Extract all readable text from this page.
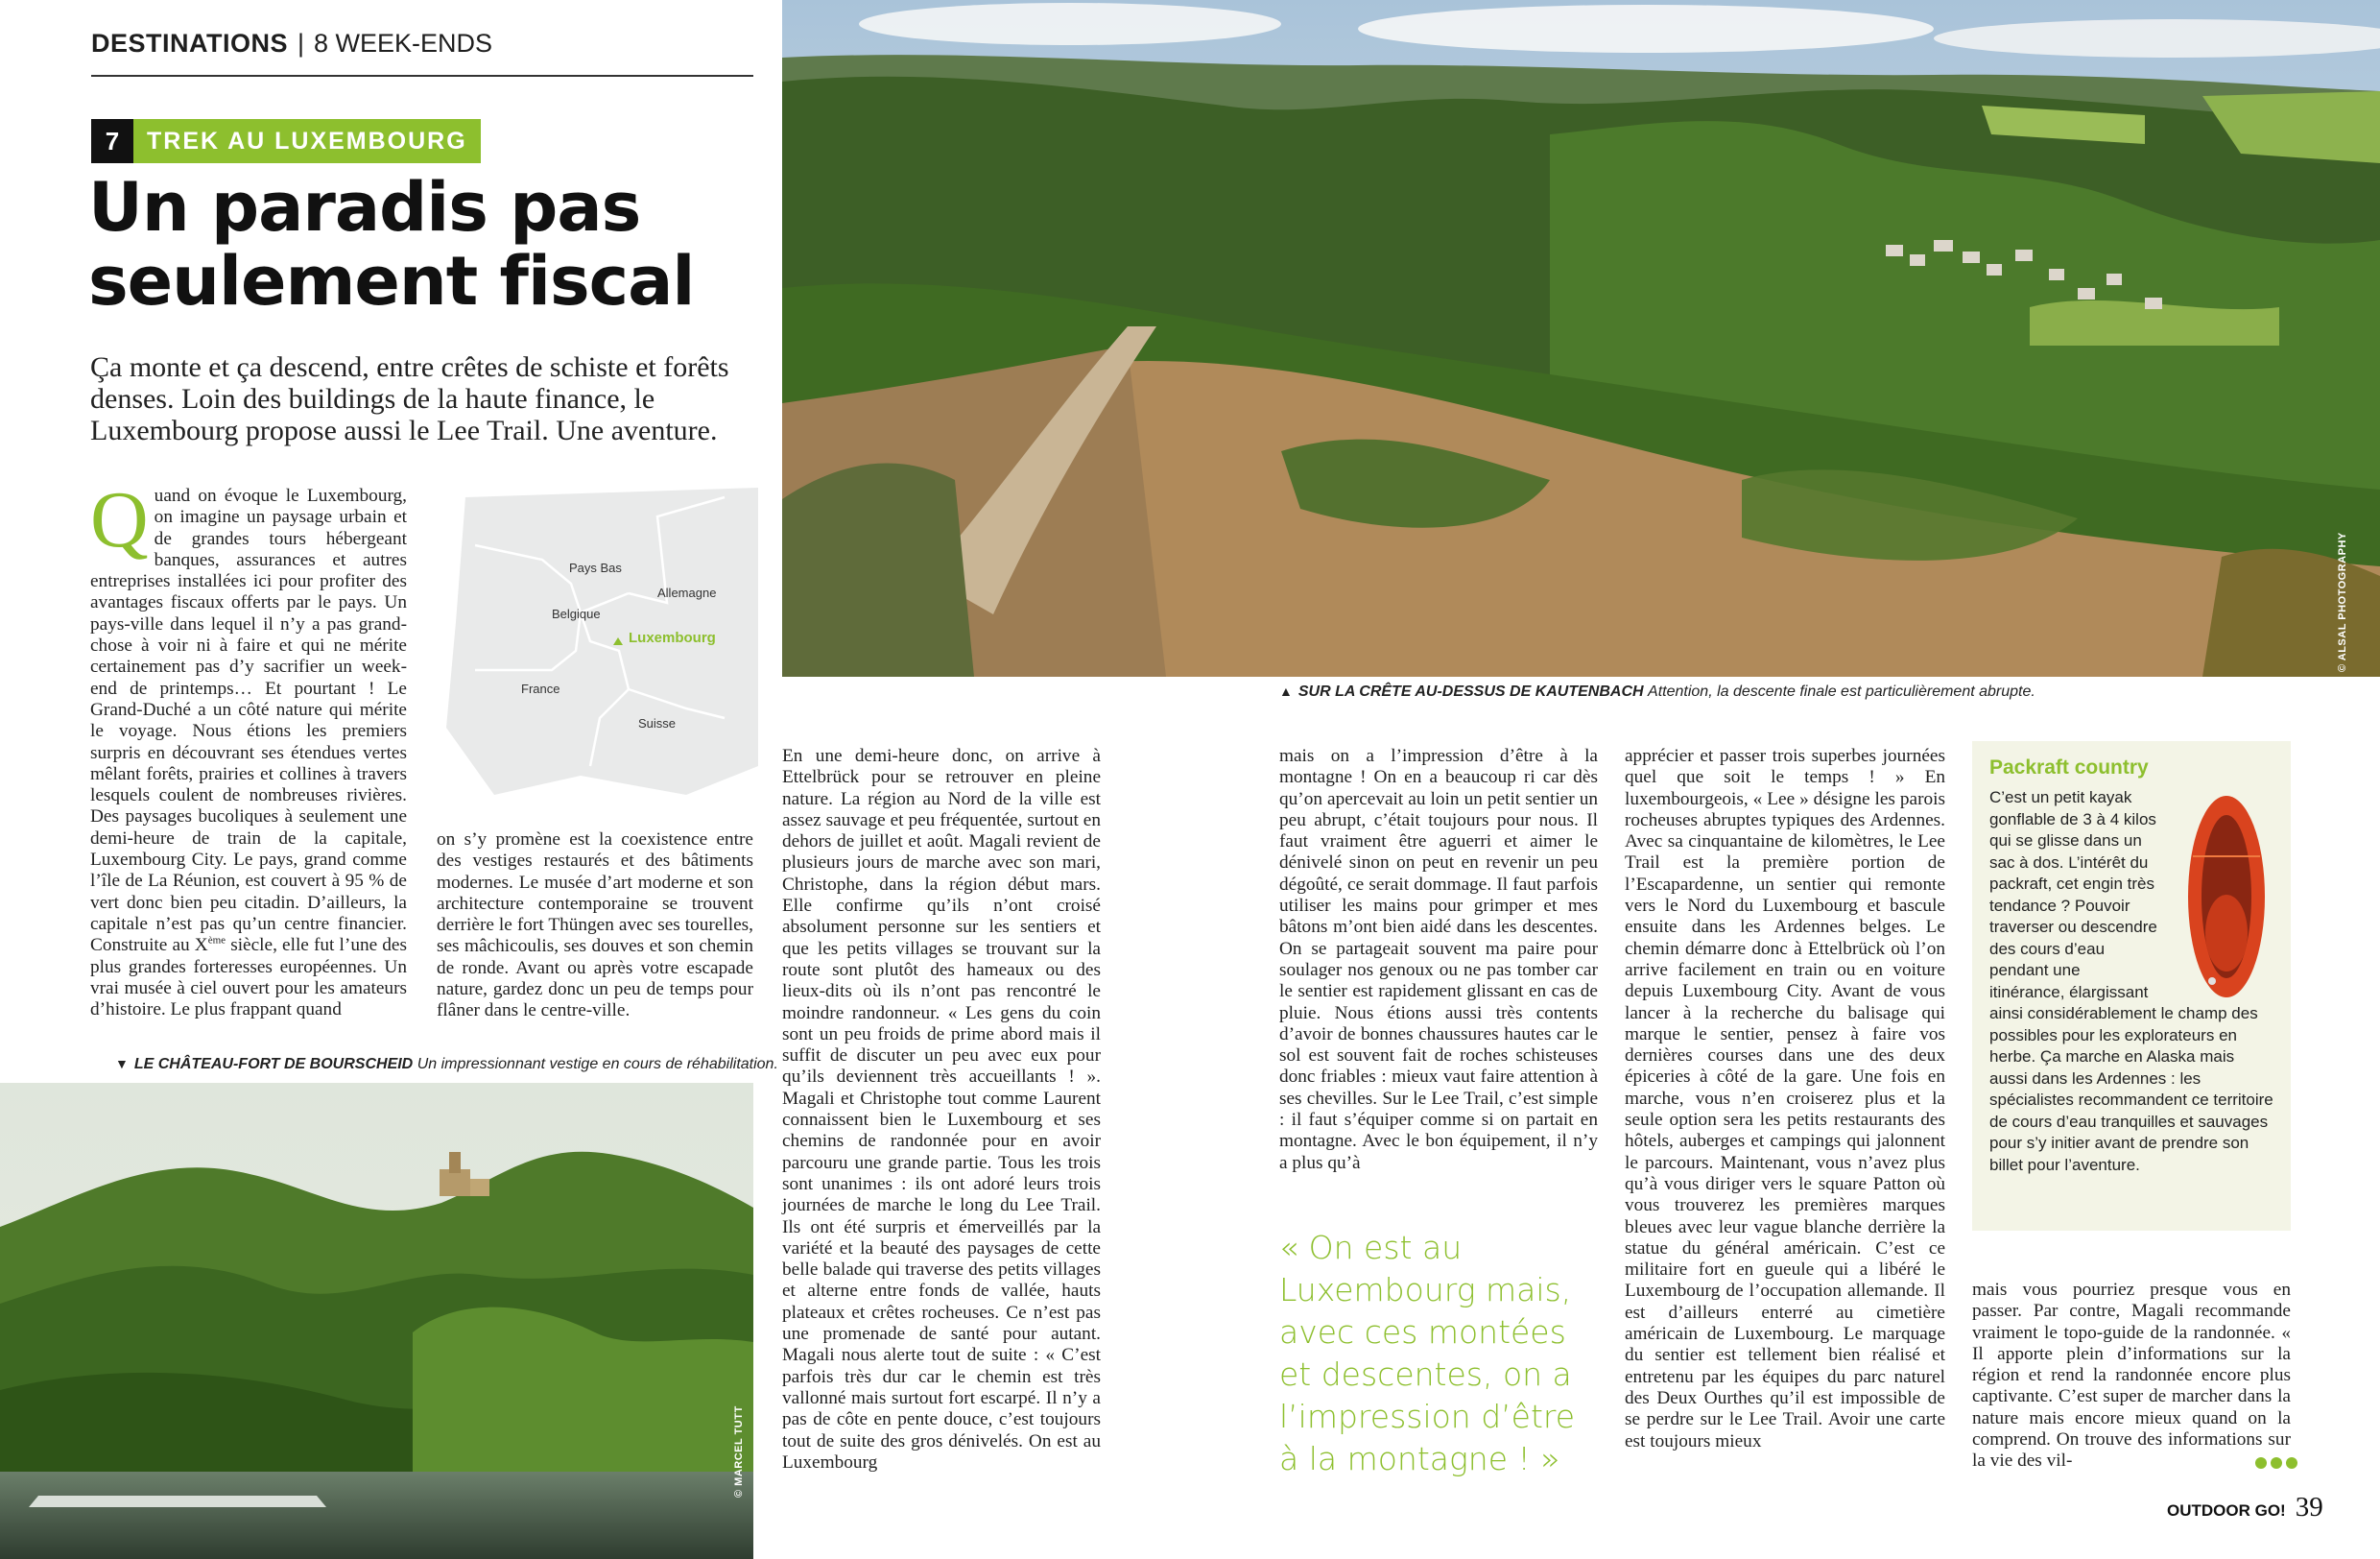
DESTINATIONS | 8 WEEK-ENDS
7	TREK AU LUXEMBOURG
Un paradis pas
seulement fiscal

Ça monte et ça descend, entre crêtes de schiste et forêts denses. Loin des buildings de la haute finance, le Luxembourg propose aussi le Lee Trail. Une aventure.

Pays Bas
Allemagne
Belgique
Luxembourg
France
Suisse

Quand on évoque le Luxembourg, on imagine un paysage urbain et de grandes tours hébergeant banques, assurances et autres entreprises installées ici pour profiter des avantages fiscaux offerts par le pays. Un pays-ville dans lequel il n’y a pas grand-chose à voir ni à faire et qui ne mérite certainement pas d’y sacrifier un week-end de printemps… Et pourtant ! Le Grand-Duché a un côté nature qui mérite le voyage. Nous étions les premiers surpris en découvrant ses étendues vertes mêlant forêts, prairies et collines à travers lesquels coulent de nombreuses rivières. Des paysages bucoliques à seulement une demi-heure de train de la capitale, Luxembourg City. Le pays, grand comme l’île de La Réunion, est couvert à 95 % de vert donc bien peu citadin. D’ailleurs, la capitale n’est pas qu’un centre financier. Construite au Xème siècle, elle fut l’une des plus grandes forteresses européennes. Un vrai musée à ciel ouvert pour les amateurs d’histoire. Le plus frappant quand

on s’y promène est la coexistence entre des vestiges restaurés et des bâtiments modernes. Le musée d’art moderne et son architecture contemporaine se trouvent derrière le fort Thüngen avec ses tourelles, ses mâchicoulis, ses douves et son chemin de ronde. Avant ou après votre escapade nature, gardez donc un peu de temps pour flâner dans le centre-ville.

▼ LE CHÂTEAU-FORT DE BOURSCHEID Un impressionnant vestige en cours de réhabilitation.
© MARCEL TUTT
© ALSAL PHOTOGRAPHY
▲ SUR LA CRÊTE AU-DESSUS DE KAUTENBACH Attention, la descente finale est particulièrement abrupte.

En une demi-heure donc, on arrive à Ettelbrück pour se retrouver en pleine nature. La région au Nord de la ville est assez sauvage et peu fréquentée, surtout en dehors de juillet et août. Magali revient de plusieurs jours de marche avec son mari, Christophe, dans la région début mars. Elle confirme qu’ils n’ont croisé absolument personne sur les sentiers et que les petits villages se trouvant sur la route sont plutôt des hameaux ou des lieux-dits où ils n’ont pas rencontré le moindre randonneur. « Les gens du coin sont un peu froids de prime abord mais il suffit de discuter un peu avec eux pour qu’ils deviennent très accueillants ! ». Magali et Christophe tout comme Laurent connaissent bien le Luxembourg et ses chemins de randonnée pour en avoir parcouru une grande partie. Tous les trois sont unanimes : ils ont adoré leurs trois journées de marche le long du Lee Trail. Ils ont été surpris et émerveillés par la variété et la beauté des paysages de cette belle balade qui traverse des petits villages et alterne entre fonds de vallée, hauts plateaux et crêtes rocheuses. Ce n’est pas une promenade de santé pour autant. Magali nous alerte tout de suite : « C’est parfois très dur car le chemin est très vallonné mais surtout fort escarpé. Il n’y a pas de côte en pente douce, c’est toujours tout de suite des gros dénivelés. On est au Luxembourg

mais on a l’impression d’être à la montagne ! On en a beaucoup ri car dès qu’on apercevait au loin un petit sentier un peu abrupt, c’était toujours pour nous. Il faut vraiment être aguerri et aimer le dénivelé sinon on peut en revenir un peu dégoûté, ce serait dommage. Il faut parfois utiliser les mains pour grimper et mes bâtons m’ont bien aidé dans les descentes. On se partageait souvent ma paire pour soulager nos genoux ou ne pas tomber car le sentier est rapidement glissant en cas de pluie. Nous étions aussi très contents d’avoir de bonnes chaussures hautes car le sol est souvent fait de roches schisteuses donc friables : mieux vaut faire attention à ses chevilles. Sur le Lee Trail, c’est simple : il faut s’équiper comme si on partait en montagne. Avec le bon équipement, il n’y a plus qu’à

« On est au Luxembourg mais, avec ces montées et descentes, on a l’impression d’être à la montagne ! »

apprécier et passer trois superbes journées quel que soit le temps ! » En luxembourgeois, « Lee » désigne les parois rocheuses abruptes typiques des Ardennes. Avec sa cinquantaine de kilomètres, le Lee Trail est la première portion de l’Escapardenne, un sentier qui remonte vers le Nord du Luxembourg et bascule ensuite dans les Ardennes belges. Le chemin démarre donc à Ettelbrück où l’on arrive facilement en train ou en voiture depuis Luxembourg City. Avant de vous lancer à la recherche du balisage qui marque le sentier, pensez à faire vos dernières courses dans une des deux épiceries à côté de la gare. Une fois en marche, vous n’en croiserez plus et la seule option sera les petits restaurants des hôtels, auberges et campings qui jalonnent le parcours. Maintenant, vous n’avez plus qu’à vous diriger vers le square Patton où vous trouverez les premières marques bleues avec leur vague blanche derrière la statue du général américain. C’est ce militaire fort en gueule qui a libéré le Luxembourg de l’occupation allemande. Il est d’ailleurs enterré au cimetière américain de Luxembourg. Le marquage du sentier est tellement bien réalisé et entretenu par les équipes du parc naturel des Deux Ourthes qu’il est impossible de se perdre sur le Lee Trail. Avoir une carte est toujours mieux

Packraft country
C’est un petit kayak gonflable de 3 à 4 kilos qui se glisse dans un sac à dos. L’intérêt du packraft, cet engin très tendance ? Pouvoir traverser ou descendre des cours d’eau pendant une itinérance, élargissant ainsi considérablement le champ des possibles pour les explorateurs en herbe. Ça marche en Alaska mais aussi dans les Ardennes : les spécialistes recommandent ce territoire de cours d’eau tranquilles et sauvages pour s’y initier avant de prendre son billet pour l’aventure.

mais vous pourriez presque vous en passer. Par contre, Magali recommande vraiment le topo-guide de la randonnée. « Il apporte plein d’informations sur la région et rend la randonnée encore plus captivante. C’est super de marcher dans la nature mais encore mieux quand on la comprend. On trouve des informations sur la vie des vil-

OUTDOOR GO! 39
